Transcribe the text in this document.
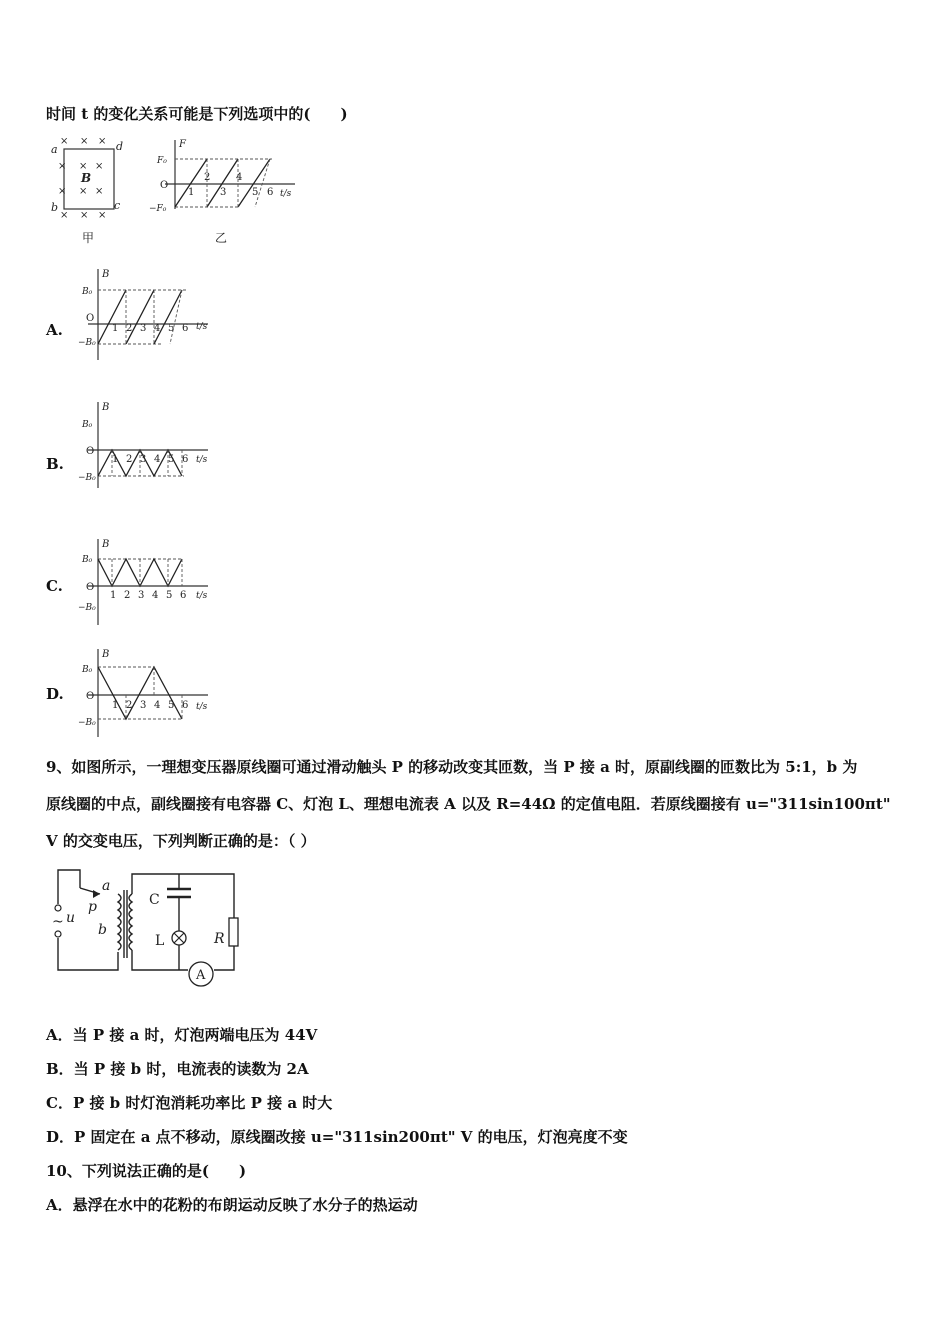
时间 t 的变化关系可能是下列选项中的(　　)
a	d
b	c
B
× × ×
× × ×
× ×
×
× × ×
甲
F
F₀
O
−F₀
t/s
1
2
3
4
5 6
乙
A.
B
B₀
O
−B₀
t/s
1 2 3 4 5 6
B.
B
B₀
O
−B₀
t/s
1 2 3 4 5 6
C.
B
B₀
O
−B₀
t/s
1 2 3 4 5 6
D.
B
B₀
O
−B₀
t/s
1 2 3 4 5 6
9、如图所示，一理想变压器原线圈可通过滑动触头 P 的移动改变其匝数，当 P 接 a 时，原副线圈的匝数比为 5:1，b 为
原线圈的中点，副线圈接有电容器 C、灯泡 L、理想电流表 A 以及 R=44Ω 的定值电阻．若原线圈接有 u="311sin100πt"
V 的交变电压，下列判断正确的是：（ ）
~ u
a
p
b
C
L	R
A
A．当 P 接 a 时，灯泡两端电压为 44V
B．当 P 接 b 时，电流表的读数为 2A
C．P 接 b 时灯泡消耗功率比 P 接 a 时大
D．P 固定在 a 点不移动，原线圈改接 u="311sin200πt" V 的电压，灯泡亮度不变
10、下列说法正确的是(　　)
A．悬浮在水中的花粉的布朗运动反映了水分子的热运动
